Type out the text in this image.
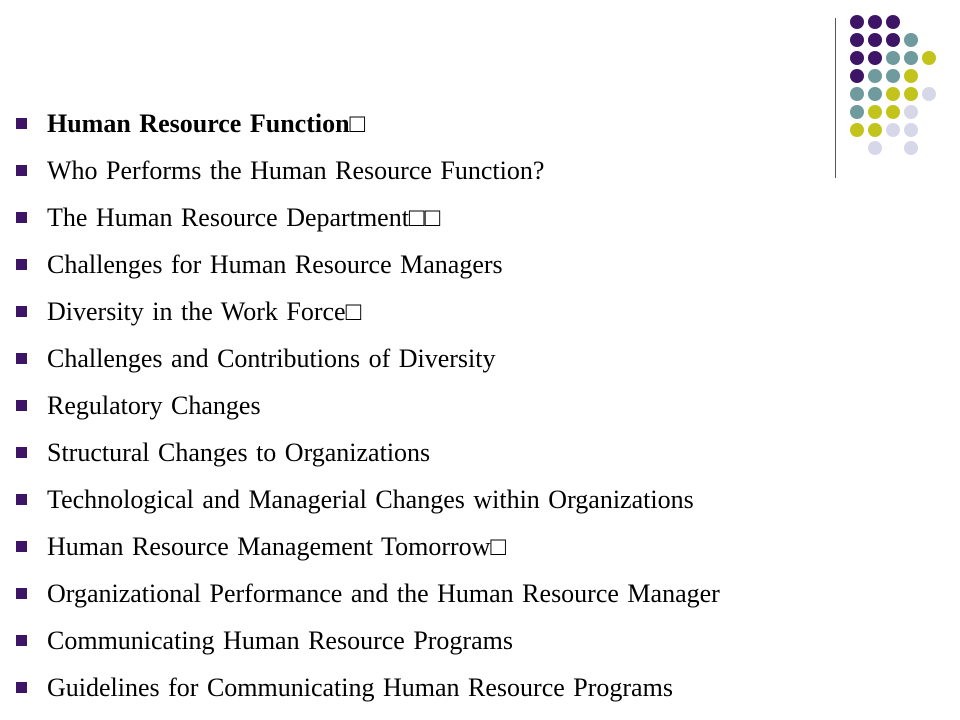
Human Resource Function□
Who Performs the Human Resource Function?
The Human Resource Department□□
Challenges for Human Resource Managers
Diversity in the Work Force□
Challenges and Contributions of Diversity
Regulatory Changes
Structural Changes to Organizations
Technological and Managerial Changes within Organizations
Human Resource Management Tomorrow□
Organizational Performance and the Human Resource Manager
Communicating Human Resource Programs
Guidelines for Communicating Human Resource Programs
